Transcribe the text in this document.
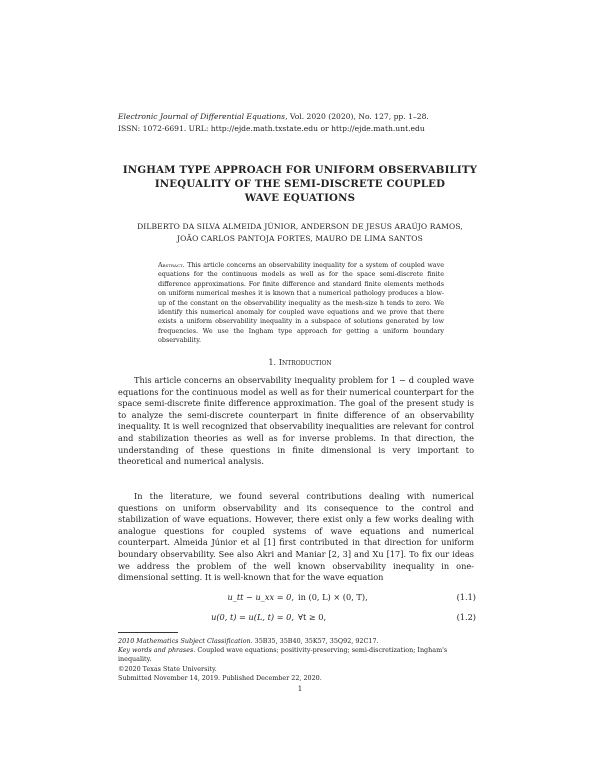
Electronic Journal of Differential Equations, Vol. 2020 (2020), No. 127, pp. 1–28.
ISSN: 1072-6691. URL: http://ejde.math.txstate.edu or http://ejde.math.unt.edu
INGHAM TYPE APPROACH FOR UNIFORM OBSERVABILITY
INEQUALITY OF THE SEMI-DISCRETE COUPLED
WAVE EQUATIONS
DILBERTO DA SILVA ALMEIDA JÚNIOR, ANDERSON DE JESUS ARAÚJO RAMOS,
JOÃO CARLOS PANTOJA FORTES, MAURO DE LIMA SANTOS
Abstract. This article concerns an observability inequality for a system of coupled wave equations for the continuous models as well as for the space semi-discrete finite difference approximations. For finite difference and standard finite elements methods on uniform numerical meshes it is known that a numerical pathology produces a blow-up of the constant on the observability inequality as the mesh-size h tends to zero. We identify this numerical anomaly for coupled wave equations and we prove that there exists a uniform observability inequality in a subspace of solutions generated by low frequencies. We use the Ingham type approach for getting a uniform boundary observability.
1. Introduction
This article concerns an observability inequality problem for 1 − d coupled wave equations for the continuous model as well as for their numerical counterpart for the space semi-discrete finite difference approximation. The goal of the present study is to analyze the semi-discrete counterpart in finite difference of an observability inequality. It is well recognized that observability inequalities are relevant for control and stabilization theories as well as for inverse problems. In that direction, the understanding of these questions in finite dimensional is very important to theoretical and numerical analysis.
In the literature, we found several contributions dealing with numerical questions on uniform observability and its consequence to the control and stabilization of wave equations. However, there exist only a few works dealing with analogue questions for coupled systems of wave equations and numerical counterpart. Almeida Júnior et al [1] first contributed in that direction for uniform boundary observability. See also Akri and Maniar [2, 3] and Xu [17]. To fix our ideas we address the problem of the well known observability inequality in one-dimensional setting. It is well-known that for the wave equation
u_tt − u_xx = 0, in (0, L) × (0, T),	(1.1)
u(0, t) = u(L, t) = 0, ∀t ≥ 0,	(1.2)
2010 Mathematics Subject Classification. 35B35, 35B40, 35K57, 35Q92, 92C17.
Key words and phrases. Coupled wave equations; positivity-preserving; semi-discretization; Ingham's inequality.
©2020 Texas State University.
Submitted November 14, 2019. Published December 22, 2020.
1
